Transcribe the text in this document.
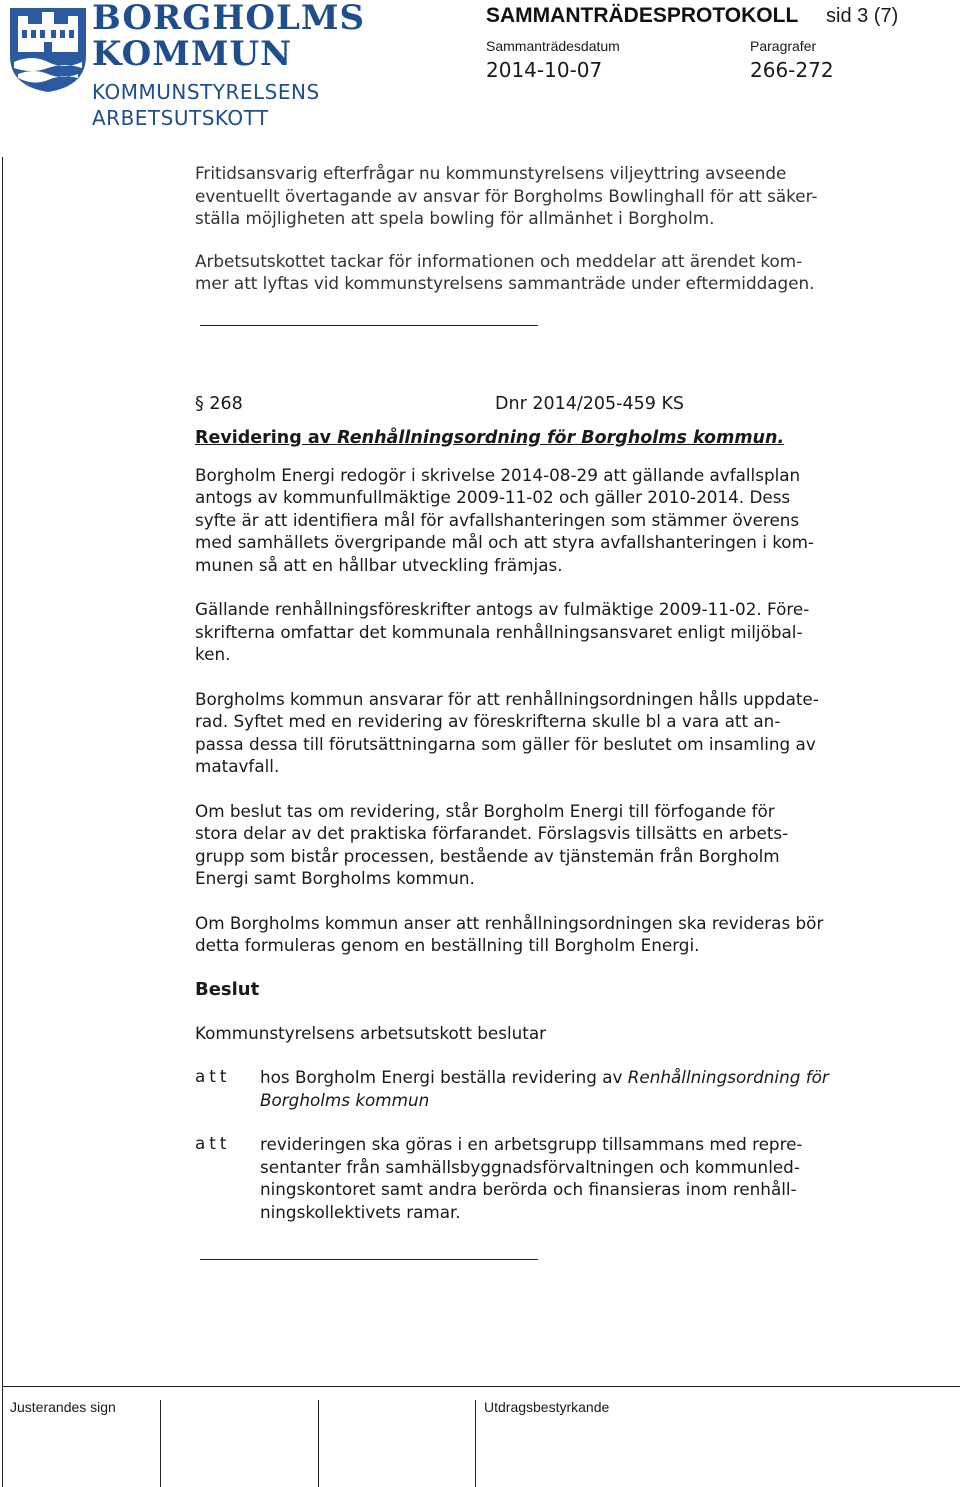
BORGHOLMS
KOMMUN
KOMMUNSTYRELSENS
ARBETSUTSKOTT
SAMMANTRÄDESPROTOKOLL sid 3 (7)
Sammanträdesdatum
2014-10-07
Paragrafer
266-272

Fritidsansvarig efterfrågar nu kommunstyrelsens viljeyttring avseende

eventuellt övertagande av ansvar för Borgholms Bowlinghall för att säker-

ställa möjligheten att spela bowling för allmänhet i Borgholm.

Arbetsutskottet tackar för informationen och meddelar att ärendet kom-

mer att lyftas vid kommunstyrelsens sammanträde under eftermiddagen.

§ 268	Dnr 2014/205-459 KS

Revidering av Renhållningsordning för Borgholms kommun.

Borgholm Energi redogör i skrivelse 2014-08-29 att gällande avfallsplan

antogs av kommunfullmäktige 2009-11-02 och gäller 2010-2014. Dess

syfte är att identifiera mål för avfallshanteringen som stämmer överens

med samhällets övergripande mål och att styra avfallshanteringen i kom-

munen så att en hållbar utveckling främjas.

Gällande renhållningsföreskrifter antogs av fulmäktige 2009-11-02. Före-

skrifterna omfattar det kommunala renhållningsansvaret enligt miljöbal-

ken.

Borgholms kommun ansvarar för att renhållningsordningen hålls uppdate-

rad. Syftet med en revidering av föreskrifterna skulle bl a vara att an-

passa dessa till förutsättningarna som gäller för beslutet om insamling av

matavfall.

Om beslut tas om revidering, står Borgholm Energi till förfogande för

stora delar av det praktiska förfarandet. Förslagsvis tillsätts en arbets-

grupp som bistår processen, bestående av tjänstemän från Borgholm

Energi samt Borgholms kommun.

Om Borgholms kommun anser att renhållningsordningen ska revideras bör

detta formuleras genom en beställning till Borgholm Energi.

Beslut

Kommunstyrelsens arbetsutskott beslutar

att hos Borgholm Energi beställa revidering av Renhållningsordning för
Borgholms kommun
att revideringen ska göras i en arbetsgrupp tillsammans med repre-
sentanter från samhällsbyggnadsförvaltningen och kommunled-
ningskontoret samt andra berörda och finansieras inom renhåll-
ningskollektivets ramar.
Justerandes sign	Utdragsbestyrkande
